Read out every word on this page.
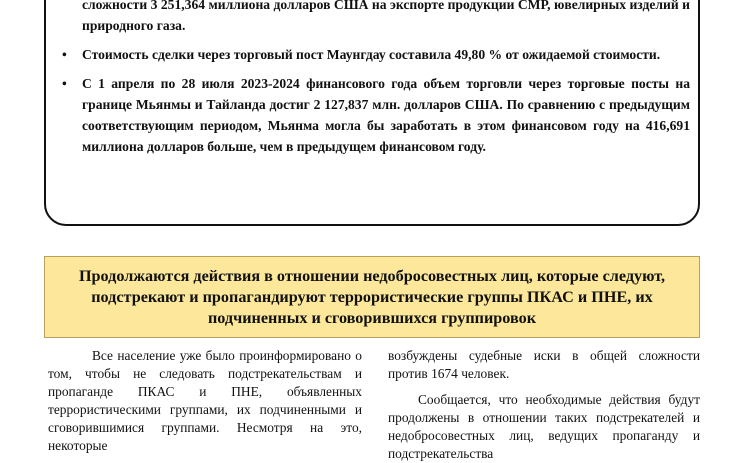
сложности 3 251,364 миллиона долларов США на экспорте продукции СМР, ювелирных изделий и природного газа.
• Стоимость сделки через торговый пост Маунгдау составила 49,80 % от ожидаемой стоимости.
• С 1 апреля по 28 июля 2023-2024 финансового года объем торговли через торговые посты на границе Мьянмы и Тайланда достиг 2 127,837 млн. долларов США. По сравнению с предыдущим соответствующим периодом, Мьянма могла бы заработать в этом финансовом году на 416,691 миллиона долларов больше, чем в предыдущем финансовом году.
Продолжаются действия в отношении недобросовестных лиц, которые следуют, подстрекают и пропагандируют террористические группы ПКАС и ПНЕ, их подчиненных и сговорившихся группировок

Все население уже было проинформировано о том, чтобы не следовать подстрекательствам и пропаганде ПКАС и ПНЕ, объявленных террористическими группами, их подчиненными и сговорившимися группами. Несмотря на это, некоторые

возбуждены судебные иски в общей сложности против 1674 человек.

Сообщается, что необходимые действия будут продолжены в отношении таких подстрекателей и недобросовестных лиц, ведущих пропаганду и подстрекательства
